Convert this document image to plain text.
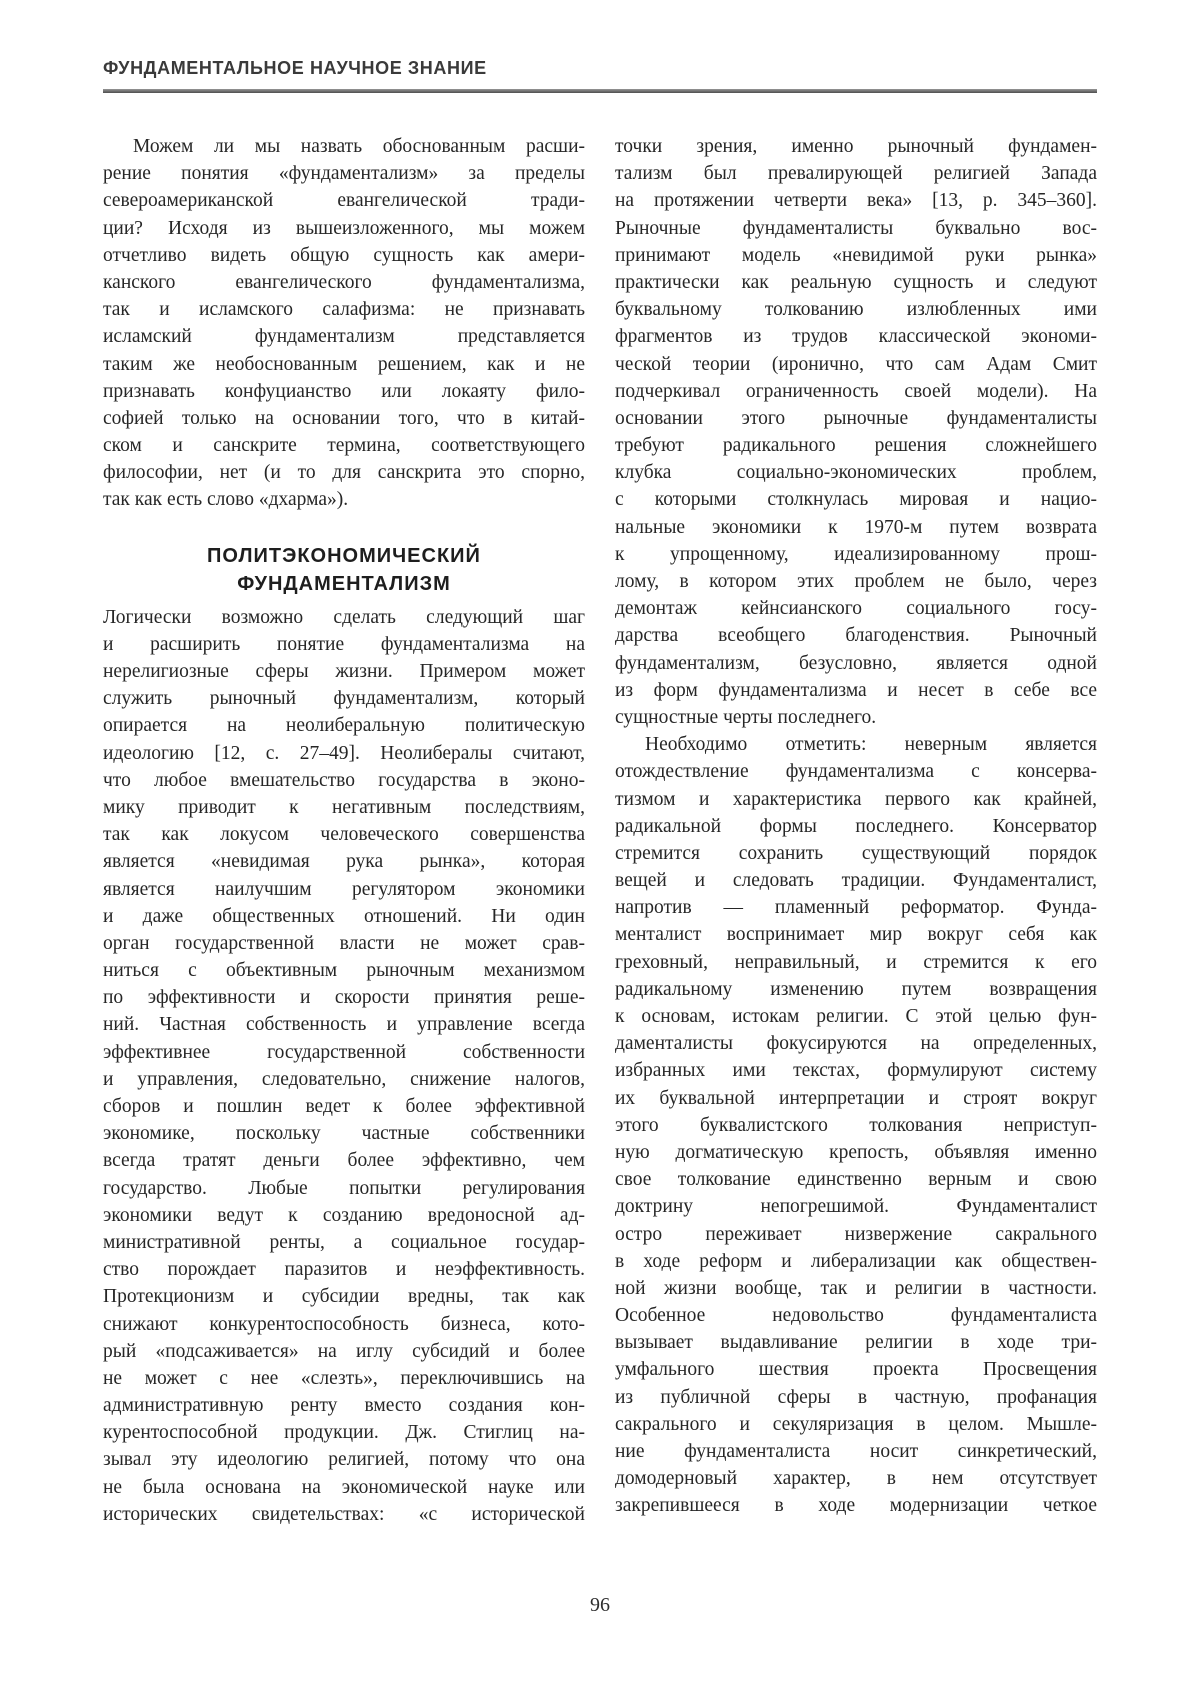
ФУНДАМЕНТАЛЬНОЕ НАУЧНОЕ ЗНАНИЕ
Можем ли мы назвать обоснованным расши-
рение понятия «фундаментализм» за пределы
североамериканской евангелической тради-
ции? Исходя из вышеизложенного, мы можем
отчетливо видеть общую сущность как амери-
канского евангелического фундаментализма,
так и исламского салафизма: не признавать
исламский фундаментализм представляется
таким же необоснованным решением, как и не
признавать конфуцианство или локаяту фило-
софией только на основании того, что в китай-
ском и санскрите термина, соответствующего
философии, нет (и то для санскрита это спорно,
так как есть слово «дхарма»).
ПОЛИТЭКОНОМИЧЕСКИЙ
ФУНДАМЕНТАЛИЗМ
Логически возможно сделать следующий шаг
и расширить понятие фундаментализма на
нерелигиозные сферы жизни. Примером может
служить рыночный фундаментализм, который
опирается на неолиберальную политическую
идеологию [12, с. 27–49]. Неолибералы считают,
что любое вмешательство государства в эконо-
мику приводит к негативным последствиям,
так как локусом человеческого совершенства
является «невидимая рука рынка», которая
является наилучшим регулятором экономики
и даже общественных отношений. Ни один
орган государственной власти не может срав-
ниться с объективным рыночным механизмом
по эффективности и скорости принятия реше-
ний. Частная собственность и управление всегда
эффективнее государственной собственности
и управления, следовательно, снижение налогов,
сборов и пошлин ведет к более эффективной
экономике, поскольку частные собственники
всегда тратят деньги более эффективно, чем
государство. Любые попытки регулирования
экономики ведут к созданию вредоносной ад-
министративной ренты, а социальное государ-
ство порождает паразитов и неэффективность.
Протекционизм и субсидии вредны, так как
снижают конкурентоспособность бизнеса, кото-
рый «подсаживается» на иглу субсидий и более
не может с нее «слезть», переключившись на
административную ренту вместо создания кон-
курентоспособной продукции. Дж. Стиглиц на-
зывал эту идеологию религией, потому что она
не была основана на экономической науке или
исторических свидетельствах: «с исторической
точки зрения, именно рыночный фундамен-
тализм был превалирующей религией Запада
на протяжении четверти века» [13, p. 345–360].
Рыночные фундаменталисты буквально вос-
принимают модель «невидимой руки рынка»
практически как реальную сущность и следуют
буквальному толкованию излюбленных ими
фрагментов из трудов классической экономи-
ческой теории (иронично, что сам Адам Смит
подчеркивал ограниченность своей модели). На
основании этого рыночные фундаменталисты
требуют радикального решения сложнейшего
клубка социально-экономических проблем,
с которыми столкнулась мировая и нацио-
нальные экономики к 1970-м путем возврата
к упрощенному, идеализированному прош-
лому, в котором этих проблем не было, через
демонтаж кейнсианского социального госу-
дарства всеобщего благоденствия. Рыночный
фундаментализм, безусловно, является одной
из форм фундаментализма и несет в себе все
сущностные черты последнего.
Необходимо отметить: неверным является
отождествление фундаментализма с консерва-
тизмом и характеристика первого как крайней,
радикальной формы последнего. Консерватор
стремится сохранить существующий порядок
вещей и следовать традиции. Фундаменталист,
напротив — пламенный реформатор. Фунда-
менталист воспринимает мир вокруг себя как
греховный, неправильный, и стремится к его
радикальному изменению путем возвращения
к основам, истокам религии. С этой целью фун-
даменталисты фокусируются на определенных,
избранных ими текстах, формулируют систему
их буквальной интерпретации и строят вокруг
этого буквалистского толкования неприступ-
ную догматическую крепость, объявляя именно
свое толкование единственно верным и свою
доктрину непогрешимой. Фундаменталист
остро переживает низвержение сакрального
в ходе реформ и либерализации как обществен-
ной жизни вообще, так и религии в частности.
Особенное недовольство фундаменталиста
вызывает выдавливание религии в ходе три-
умфального шествия проекта Просвещения
из публичной сферы в частную, профанация
сакрального и секуляризация в целом. Мышле-
ние фундаменталиста носит синкретический,
домодерновый характер, в нем отсутствует
закрепившееся в ходе модернизации четкое
96
